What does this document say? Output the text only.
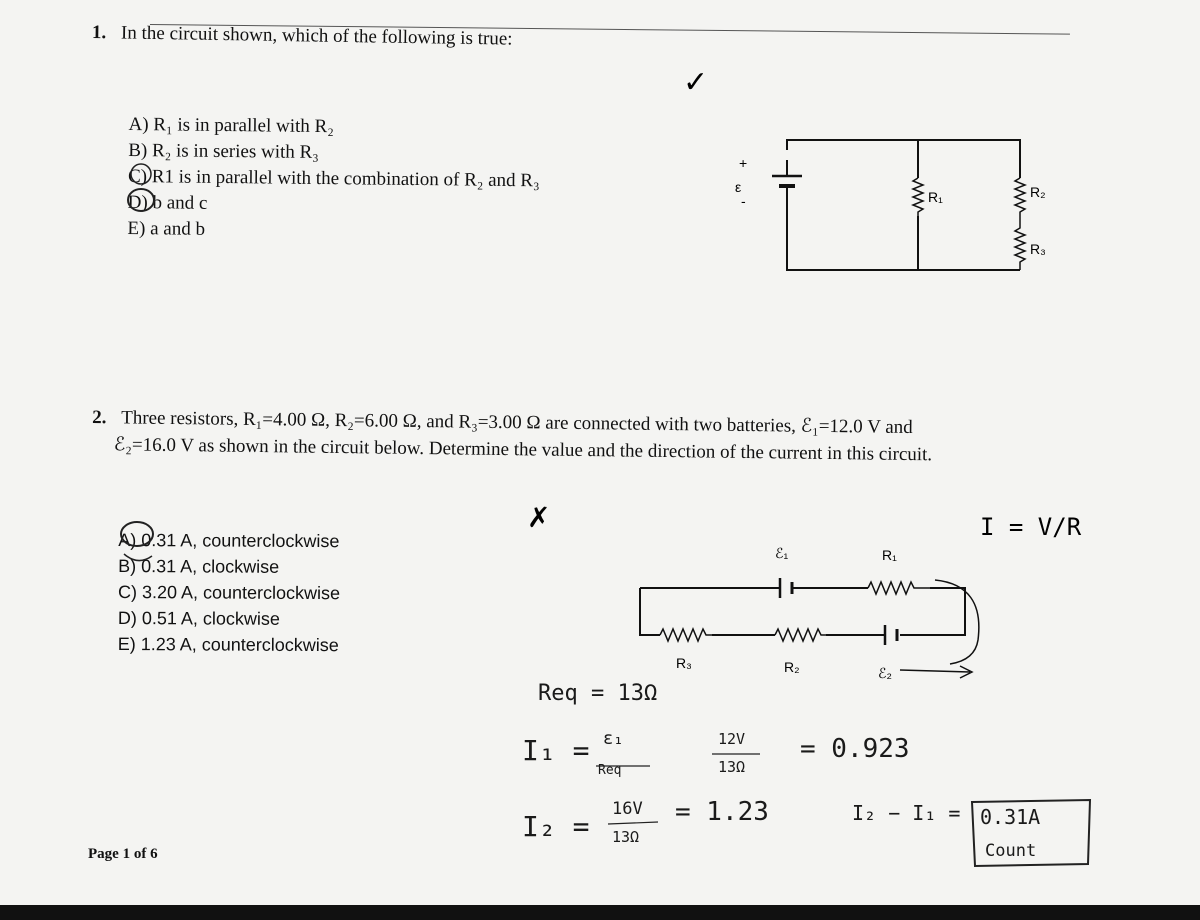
1. In the circuit shown, which of the following is true:
A) R₁ is in parallel with R₂
B) R₂ is in series with R₃
C) R1 is in parallel with the combination of R₂ and R₃
D) b and c
E) a and b
2. Three resistors, R₁=4.00 Ω, R₂=6.00 Ω, and R₃=3.00 Ω are connected with two batteries, ℰ₁=12.0 V and
ℰ₂=16.0 V as shown in the circuit below. Determine the value and the direction of the current in this circuit.
A) 0.31 A, counterclockwise
B) 0.31 A, clockwise
C) 3.20 A, counterclockwise
D) 0.51 A, clockwise
E) 1.23 A, counterclockwise
✓
ε
+
-	R₁	R₂
R₃
✗	I = V/R
ℰ₁	R₁
R₃	R₂	ℰ₂
Req = 13Ω
I₁ = ε₁
Req
12V
13Ω
= 0.923
I₂ =
16V
13Ω
= 1.23	I₂ − I₁ = 0.31A
Count
Page 1 of 6
